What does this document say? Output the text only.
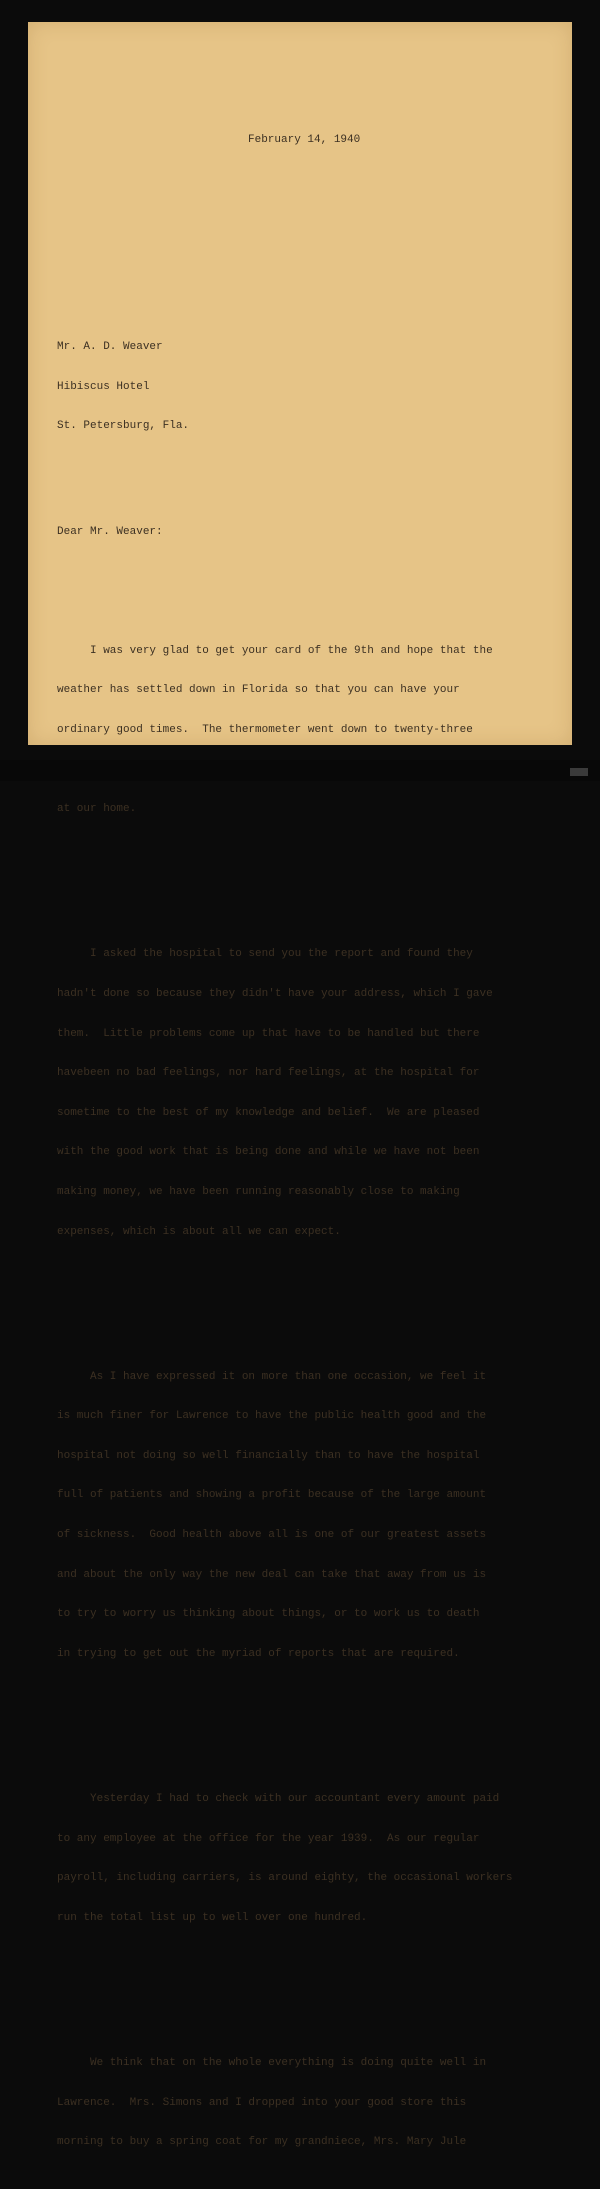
February 14, 1940

Mr. A. D. Weaver

Hibiscus Hotel

St. Petersburg, Fla.

Dear Mr. Weaver:

I was very glad to get your card of the 9th and hope that the

weather has settled down in Florida so that you can have your

ordinary good times.  The thermometer went down to twenty-three

at our home.

I asked the hospital to send you the report and found they

hadn't done so because they didn't have your address, which I gave

them.  Little problems come up that have to be handled but there

havebeen no bad feelings, nor hard feelings, at the hospital for

sometime to the best of my knowledge and belief.  We are pleased

with the good work that is being done and while we have not been

making money, we have been running reasonably close to making

expenses, which is about all we can expect.

As I have expressed it on more than one occasion, we feel it

is much finer for Lawrence to have the public health good and the

hospital not doing so well financially than to have the hospital

full of patients and showing a profit because of the large amount

of sickness.  Good health above all is one of our greatest assets

and about the only way the new deal can take that away from us is

to try to worry us thinking about things, or to work us to death

in trying to get out the myriad of reports that are required.

Yesterday I had to check with our accountant every amount paid

to any employee at the office for the year 1939.  As our regular

payroll, including carriers, is around eighty, the occasional workers

run the total list up to well over one hundred.

We think that on the whole everything is doing quite well in

Lawrence.  Mrs. Simons and I dropped into your good store this

morning to buy a spring coat for my grandniece, Mrs. Mary Jule
